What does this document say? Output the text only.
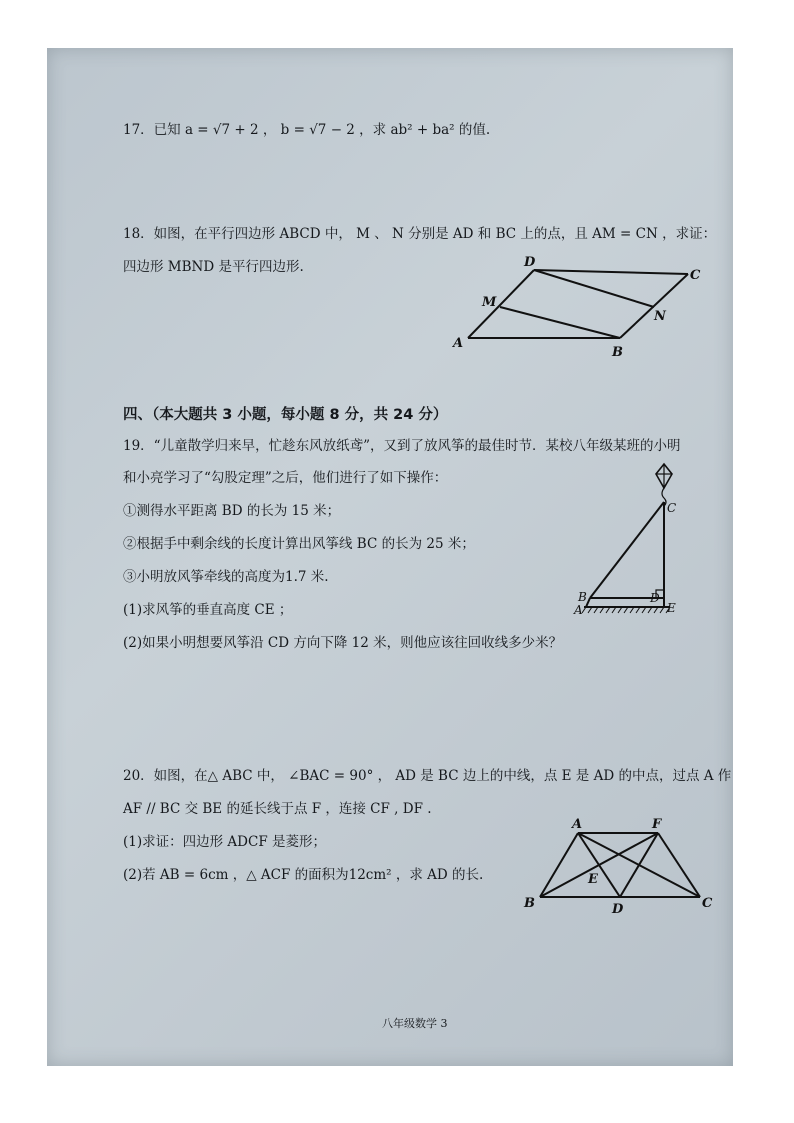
17．已知 a = √7 + 2 ， b = √7 − 2 ，求 ab² + ba² 的值.
18．如图，在平行四边形 ABCD 中， M 、 N 分别是 AD 和 BC 上的点，且 AM = CN ，求证：
四边形 MBND 是平行四边形.
A
B
C
D
M
N
四、（本大题共 3 小题，每小题 8 分，共 24 分）
19．“儿童散学归来早，忙趁东风放纸鸢”，又到了放风筝的最佳时节．某校八年级某班的小明
和小亮学习了“勾股定理”之后，他们进行了如下操作：
①测得水平距离 BD 的长为 15 米；
②根据手中剩余线的长度计算出风筝线 BC 的长为 25 米；
③小明放风筝牵线的高度为1.7 米.
(1)求风筝的垂直高度 CE ；
(2)如果小明想要风筝沿 CD 方向下降 12 米，则他应该往回收线多少米？
C
B
A
D
E
20．如图，在△ ABC 中， ∠BAC = 90° ， AD 是 BC 边上的中线，点 E 是 AD 的中点，过点 A 作
AF // BC 交 BE 的延长线于点 F ，连接 CF , DF .
(1)求证：四边形 ADCF 是菱形；
(2)若 AB = 6cm ，△ ACF 的面积为12cm² ，求 AD 的长.
A	F
B	C
D
E
八年级数学 3
